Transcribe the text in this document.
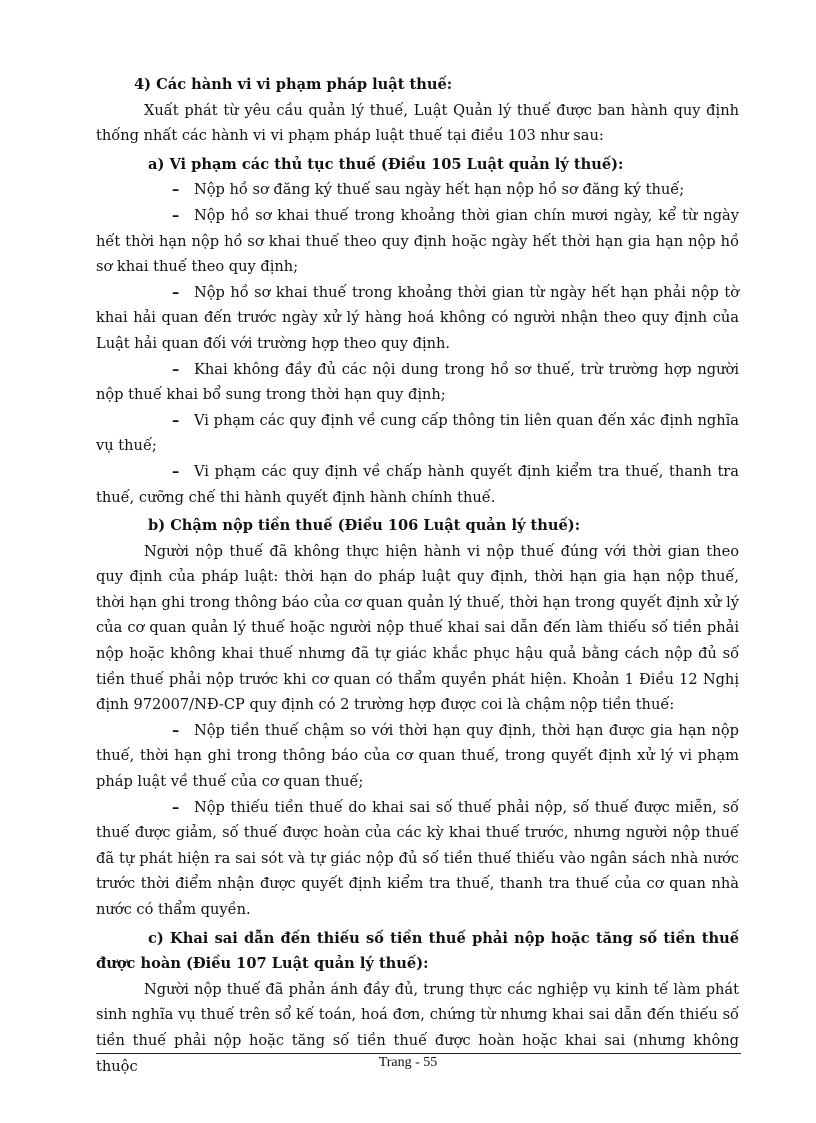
4) Các hành vi vi phạm pháp luật thuế:

Xuất phát từ yêu cầu quản lý thuế, Luật Quản lý thuế được ban hành quy định thống nhất các hành vi vi phạm pháp luật thuế tại điều 103 như sau:

a) Vi phạm các thủ tục thuế (Điều 105 Luật quản lý thuế):

– Nộp hồ sơ đăng ký thuế sau ngày hết hạn nộp hồ sơ đăng ký thuế;

– Nộp hồ sơ khai thuế trong khoảng thời gian chín mươi ngày, kể từ ngày hết thời hạn nộp hồ sơ khai thuế theo quy định hoặc ngày hết thời hạn gia hạn nộp hồ sơ khai thuế theo quy định;

– Nộp hồ sơ khai thuế trong khoảng thời gian từ ngày hết hạn phải nộp tờ khai hải quan đến trước ngày xử lý hàng hoá không có người nhận theo quy định của Luật hải quan đối với trường hợp theo quy định.

– Khai không đầy đủ các nội dung trong hồ sơ thuế, trừ trường hợp người nộp thuế khai bổ sung trong thời hạn quy định;

– Vi phạm các quy định về cung cấp thông tin liên quan đến xác định nghĩa vụ thuế;

– Vi phạm các quy định về chấp hành quyết định kiểm tra thuế, thanh tra thuế, cưỡng chế thi hành quyết định hành chính thuế.

b) Chậm nộp tiền thuế (Điều 106 Luật quản lý thuế):

Người nộp thuế đã không thực hiện hành vi nộp thuế đúng với thời gian theo quy định của pháp luật: thời hạn do pháp luật quy định, thời hạn gia hạn nộp thuế, thời hạn ghi trong thông báo của cơ quan quản lý thuế, thời hạn trong quyết định xử lý của cơ quan quản lý thuế hoặc người nộp thuế khai sai dẫn đến làm thiếu số tiền phải nộp hoặc không khai thuế nhưng đã tự giác khắc phục hậu quả bằng cách nộp đủ số tiền thuế phải nộp trước khi cơ quan có thẩm quyền phát hiện. Khoản 1 Điều 12 Nghị định 972007/NĐ-CP quy định có 2 trường hợp được coi là chậm nộp tiền thuế:

– Nộp tiền thuế chậm so với thời hạn quy định, thời hạn được gia hạn nộp thuế, thời hạn ghi trong thông báo của cơ quan thuế, trong quyết định xử lý vi phạm pháp luật về thuế của cơ quan thuế;

– Nộp thiếu tiền thuế do khai sai số thuế phải nộp, số thuế được miễn, số thuế được giảm, số thuế được hoàn của các kỳ khai thuế trước, nhưng người nộp thuế đã tự phát hiện ra sai sót và tự giác nộp đủ số tiền thuế thiếu vào ngân sách nhà nước trước thời điểm nhận được quyết định kiểm tra thuế, thanh tra thuế của cơ quan nhà nước có thẩm quyền.

c) Khai sai dẫn đến thiếu số tiền thuế phải nộp hoặc tăng số tiền thuế được hoàn (Điều 107 Luật quản lý thuế):

Người nộp thuế đã phản ánh đầy đủ, trung thực các nghiệp vụ kinh tế làm phát sinh nghĩa vụ thuế trên sổ kế toán, hoá đơn, chứng từ nhưng khai sai dẫn đến thiếu số tiền thuế phải nộp hoặc tăng số tiền thuế được hoàn hoặc khai sai (nhưng không thuộc	Trang - 55
